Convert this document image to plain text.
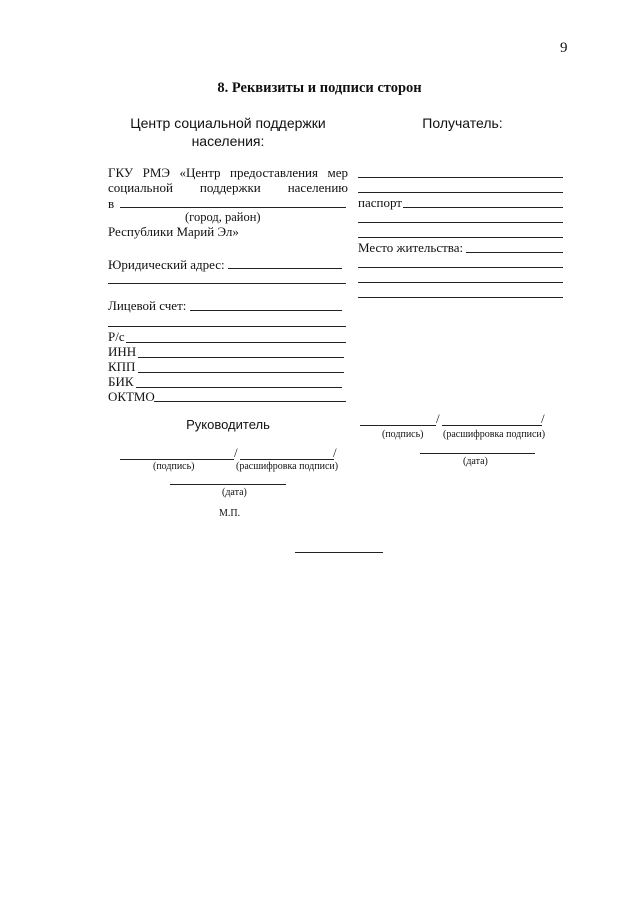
9
8. Реквизиты и подписи сторон
Центр социальной поддержки
населения:
ГКУ РМЭ «Центр предоставления мер
социальной поддержки населению
в
(город, район)
Республики Марий Эл»
Юридический адрес:
Лицевой счет:
Р/с
ИНН
КПП
БИК
ОКТМО
Руководитель
/	/
(подпись)	(расшифровка подписи)
(дата)
М.П.
Получатель:
паспорт
Место жительства:
/	/
(подпись) (расшифровка подписи)
(дата)
